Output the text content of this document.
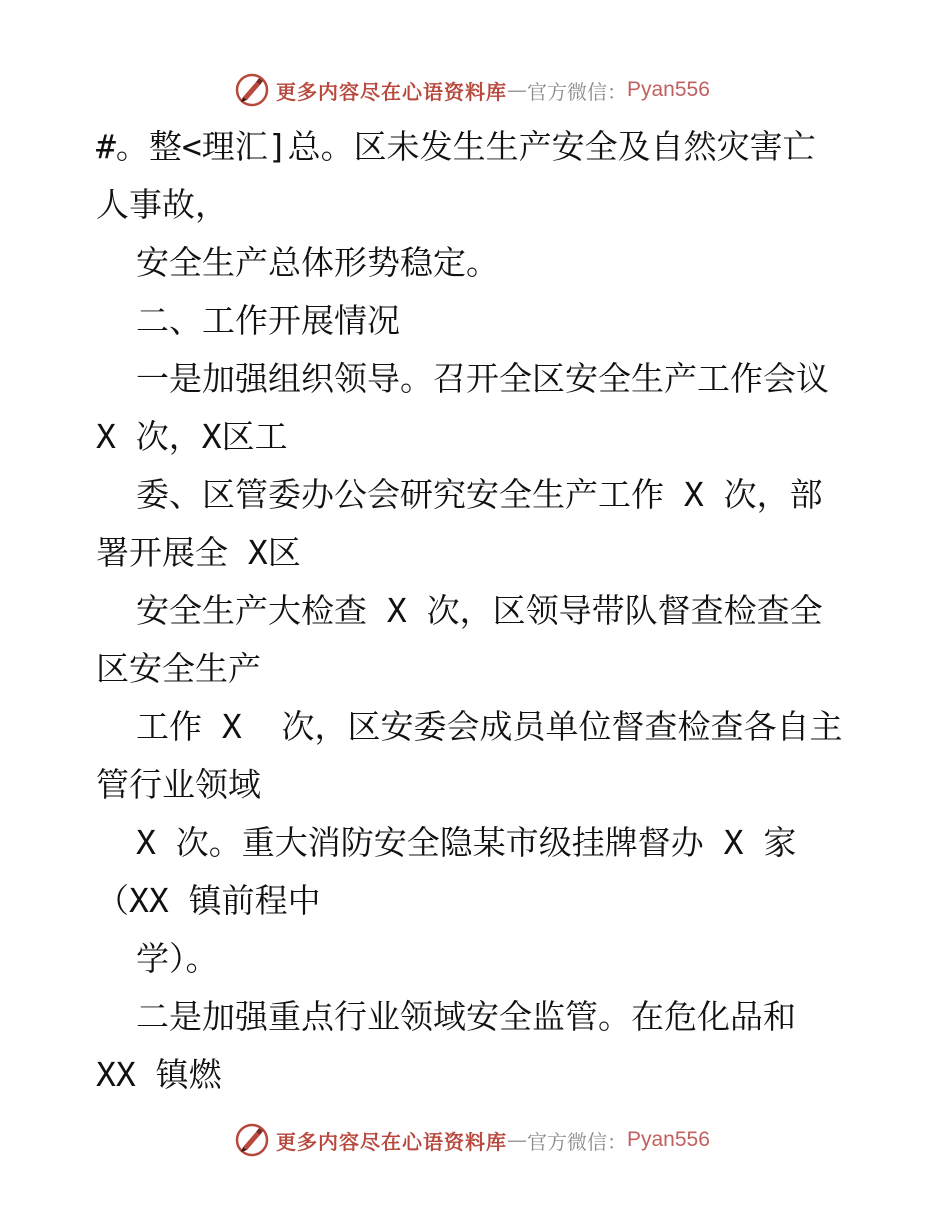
更多内容尽在心语资料库 — 官方微信： Pyan556
#。整<理汇]总。区未发生生产安全及自然灾害亡
人事故，
安全生产总体形势稳定。
二、工作开展情况
一是加强组织领导。召开全区安全生产工作会议
X 次，X区工
委、区管委办公会研究安全生产工作 X 次，部
署开展全 X区
安全生产大检查 X 次，区领导带队督查检查全
区安全生产
工作 X  次，区安委会成员单位督查检查各自主
管行业领域
X 次。重大消防安全隐某市级挂牌督办 X 家
（XX 镇前程中
学）。
二是加强重点行业领域安全监管。在危化品和
XX 镇燃
更多内容尽在心语资料库 — 官方微信： Pyan556
